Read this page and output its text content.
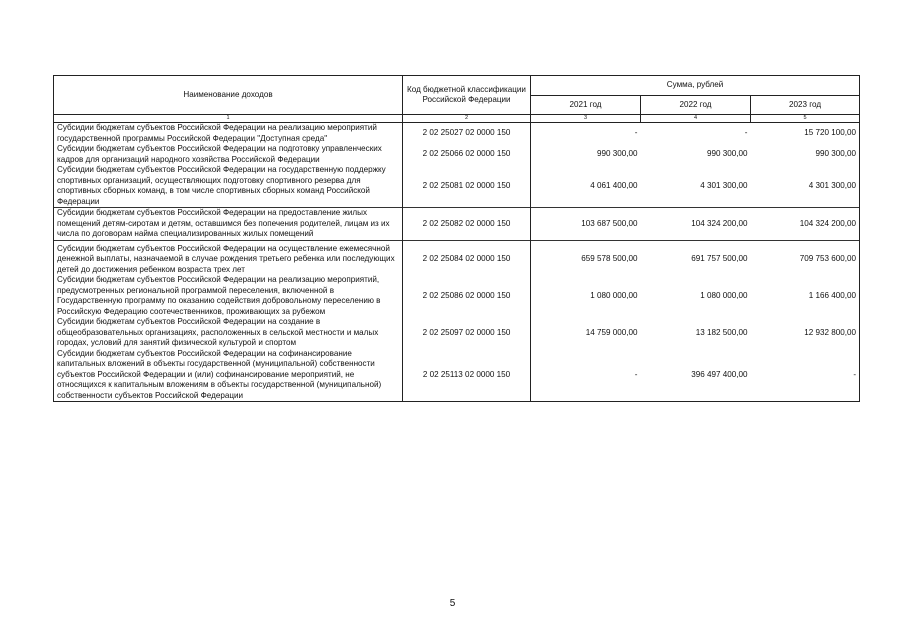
Наименование доходов	Код бюджетной классификации Российской Федерации	Сумма, рублей		
		2021 год	2022 год	2023 год
1	2	3	4	5
Субсидии бюджетам субъектов Российской Федерации на реализацию мероприятий государственной программы Российской Федерации "Доступная среда"	2 02 25027 02 0000 150	-	-	15 720 100,00
Субсидии бюджетам субъектов Российской Федерации на подготовку управленческих кадров для организаций народного хозяйства Российской Федерации	2 02 25066 02 0000 150	990 300,00	990 300,00	990 300,00
Субсидии бюджетам субъектов Российской Федерации на государственную поддержку спортивных организаций, осуществляющих подготовку спортивного резерва для спортивных сборных команд, в том числе спортивных сборных команд Российской Федерации	2 02 25081 02 0000 150	4 061 400,00	4 301 300,00	4 301 300,00
Субсидии бюджетам субъектов Российской Федерации на предоставление жилых помещений детям-сиротам и детям, оставшимся без попечения родителей, лицам из их числа по договорам найма специализированных жилых помещений	2 02 25082 02 0000 150	103 687 500,00	104 324 200,00	104 324 200,00

Субсидии бюджетам субъектов Российской Федерации на осуществление ежемесячной денежной выплаты, назначаемой в случае рождения третьего ребенка или последующих детей до достижения ребенком возраста трех лет	2 02 25084 02 0000 150	659 578 500,00	691 757 500,00	709 753 600,00
Субсидии бюджетам субъектов Российской Федерации на реализацию мероприятий, предусмотренных региональной программой переселения, включенной в Государственную программу по оказанию содействия добровольному переселению в Российскую Федерацию соотечественников, проживающих за рубежом	2 02 25086 02 0000 150	1 080 000,00	1 080 000,00	1 166 400,00
Субсидии бюджетам субъектов Российской Федерации на создание в общеобразовательных организациях, расположенных в сельской местности и малых городах, условий для занятий физической культурой и спортом	2 02 25097 02 0000 150	14 759 000,00	13 182 500,00	12 932 800,00
Субсидии бюджетам субъектов Российской Федерации на софинансирование капитальных вложений в объекты государственной (муниципальной) собственности субъектов Российской Федерации и (или) софинансирование мероприятий, не относящихся к капитальным вложениям в объекты государственной (муниципальной) собственности субъектов Российской Федерации	2 02 25113 02 0000 150	-	396 497 400,00	-
5
